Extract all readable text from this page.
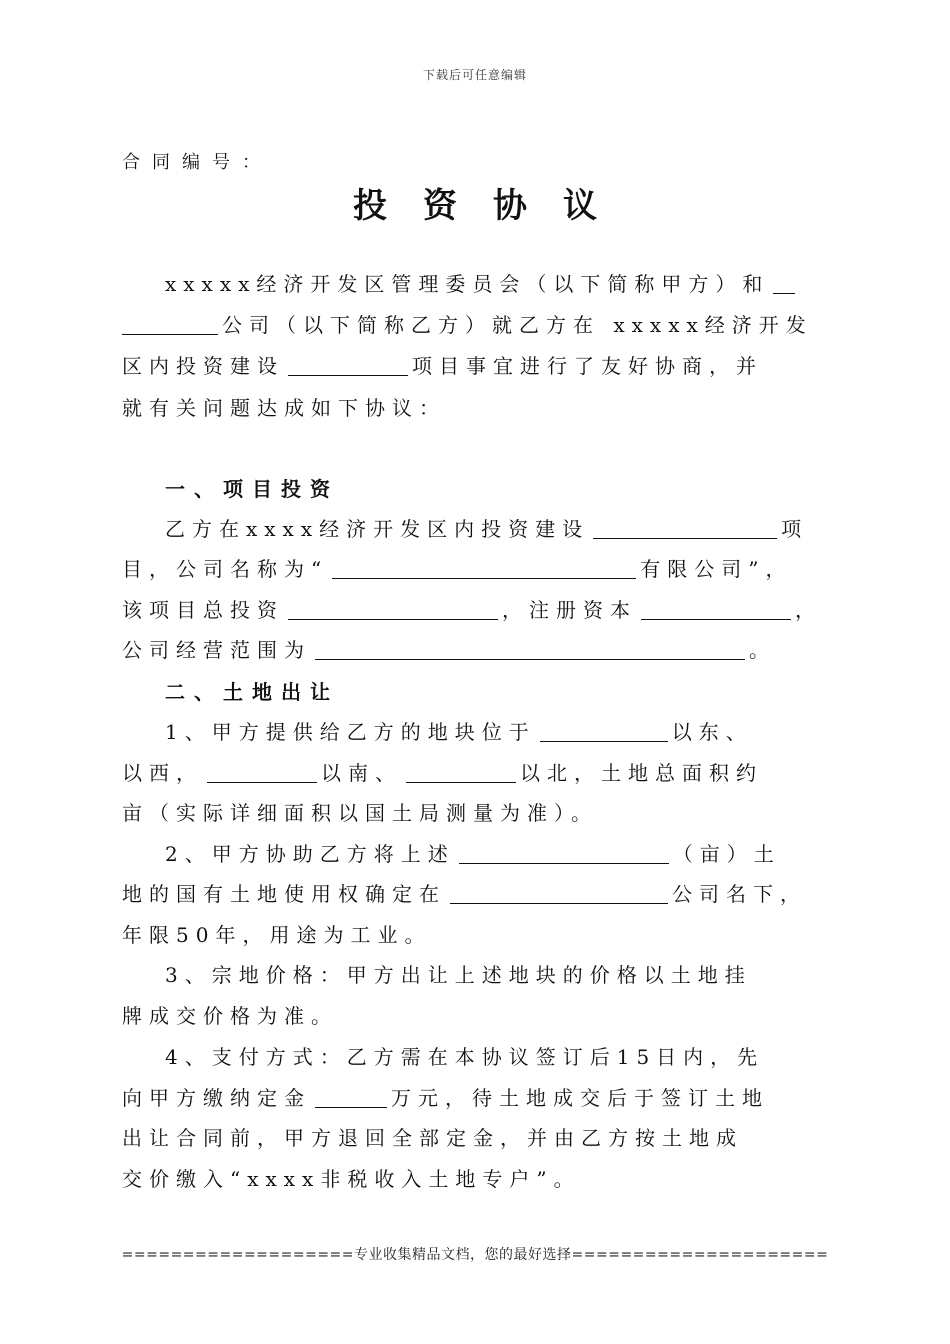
下载后可任意编辑
合同编号：
投资协议
xxxxx经济开发区管理委员会（以下简称甲方）和
公司（以下简称乙方）就乙方在 xxxxx经济开发
区内投资建设	项目事宜进行了友好协商，并
就有关问题达成如下协议：
一、项目投资
乙方在xxxx经济开发区内投资建设	项
目，公司名称为“	有限公司”，
该项目总投资	，注册资本	，
公司经营范围为	。
二、土地出让
1、甲方提供给乙方的地块位于	以东、
以西，	以南、	以北，土地总面积约
亩（实际详细面积以国土局测量为准）。
2、甲方协助乙方将上述	（亩）土
地的国有土地使用权确定在	公司名下，
年限50年，用途为工业。
3、宗地价格：甲方出让上述地块的价格以土地挂
牌成交价格为准。
4、支付方式：乙方需在本协议签订后15日内，先
向甲方缴纳定金	万元，待土地成交后于签订土地
出让合同前，甲方退回全部定金，并由乙方按土地成
交价缴入“xxxx非税收入土地专户”。
===================专业收集精品文档，您的最好选择=====================
